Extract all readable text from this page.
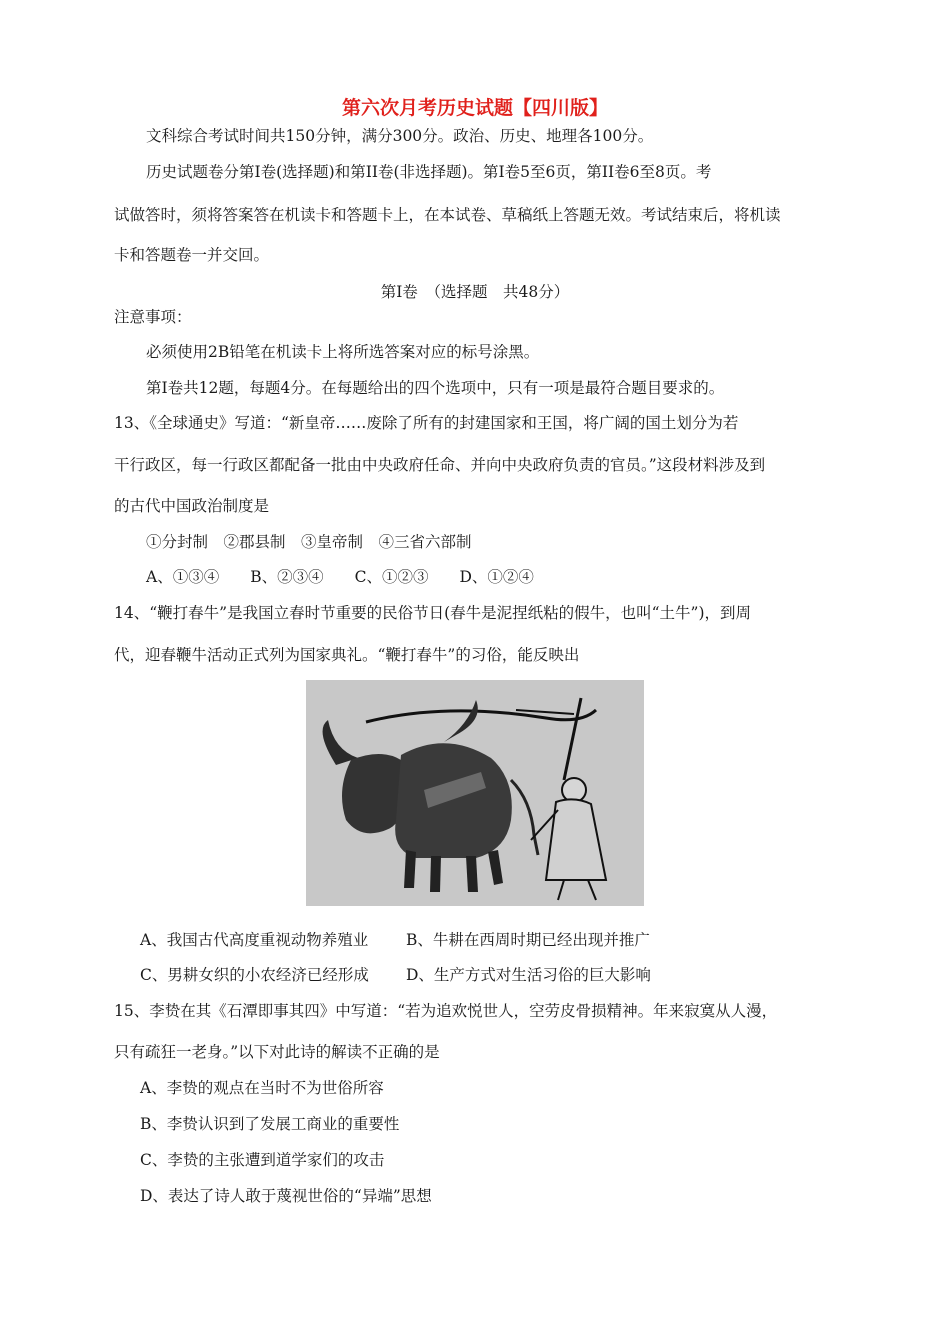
第六次月考历史试题【四川版】
文科综合考试时间共150分钟，满分300分。政治、历史、地理各100分。
历史试题卷分第Ⅰ卷(选择题)和第II卷(非选择题)。第Ⅰ卷5至6页，第II卷6至8页。考
试做答时，须将答案答在机读卡和答题卡上，在本试卷、草稿纸上答题无效。考试结束后，将机读
卡和答题卷一并交回。
第Ⅰ卷　（选择题　共48分）
注意事项：
必须使用2B铅笔在机读卡上将所选答案对应的标号涂黑。
第Ⅰ卷共12题，每题4分。在每题给出的四个选项中，只有一项是最符合题目要求的。
13、《全球通史》写道：“新皇帝……废除了所有的封建国家和王国，将广阔的国土划分为若
干行政区，每一行政区都配备一批由中央政府任命、并向中央政府负责的官员。”这段材料涉及到
的古代中国政治制度是
①分封制　②郡县制　③皇帝制　④三省六部制
A、①③④　　B、②③④　　C、①②③　　D、①②④
14、“鞭打春牛”是我国立春时节重要的民俗节日(春牛是泥捏纸粘的假牛，也叫“土牛”)，到周
代，迎春鞭牛活动正式列为国家典礼。“鞭打春牛”的习俗，能反映出
A、我国古代高度重视动物养殖业 B、牛耕在西周时期已经出现并推广
C、男耕女织的小农经济已经形成 D、生产方式对生活习俗的巨大影响
15、李贽在其《石潭即事其四》中写道：“若为追欢悦世人，空劳皮骨损精神。年来寂寞从人漫，
只有疏狂一老身。”以下对此诗的解读不正确的是
A、李贽的观点在当时不为世俗所容
B、李贽认识到了发展工商业的重要性
C、李贽的主张遭到道学家们的攻击
D、表达了诗人敢于蔑视世俗的“异端”思想
